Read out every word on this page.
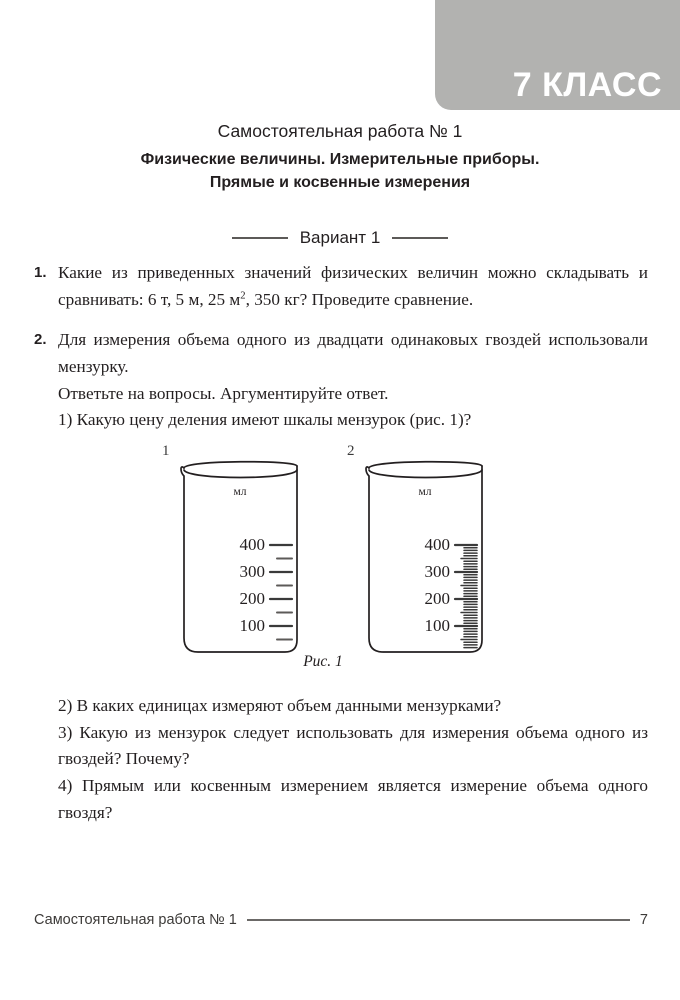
7 КЛАСС
Самостоятельная работа № 1
Физические величины. Измерительные приборы.
Прямые и косвенные измерения
Вариант 1
1. Какие из приведенных значений физических величин можно складывать и сравнивать: 6 т, 5 м, 25 $м^2$, 350 кг? Проведите сравнение.
2. Для измерения объема одного из двадцати одинаковых гвоздей использовали мензурку.
Ответьте на вопросы. Аргументируйте ответ.
1) Какую цену деления имеют шкалы мензурок (рис. 1)?
1	2
мл
400
300
200
100
мл
400
300
200
100
Рис. 1
2) В каких единицах измеряют объем данными мензурками?
3) Какую из мензурок следует использовать для измерения объема одного из гвоздей? Почему?
4) Прямым или косвенным измерением является измерение объема одного гвоздя?
Самостоятельная работа № 1	7
